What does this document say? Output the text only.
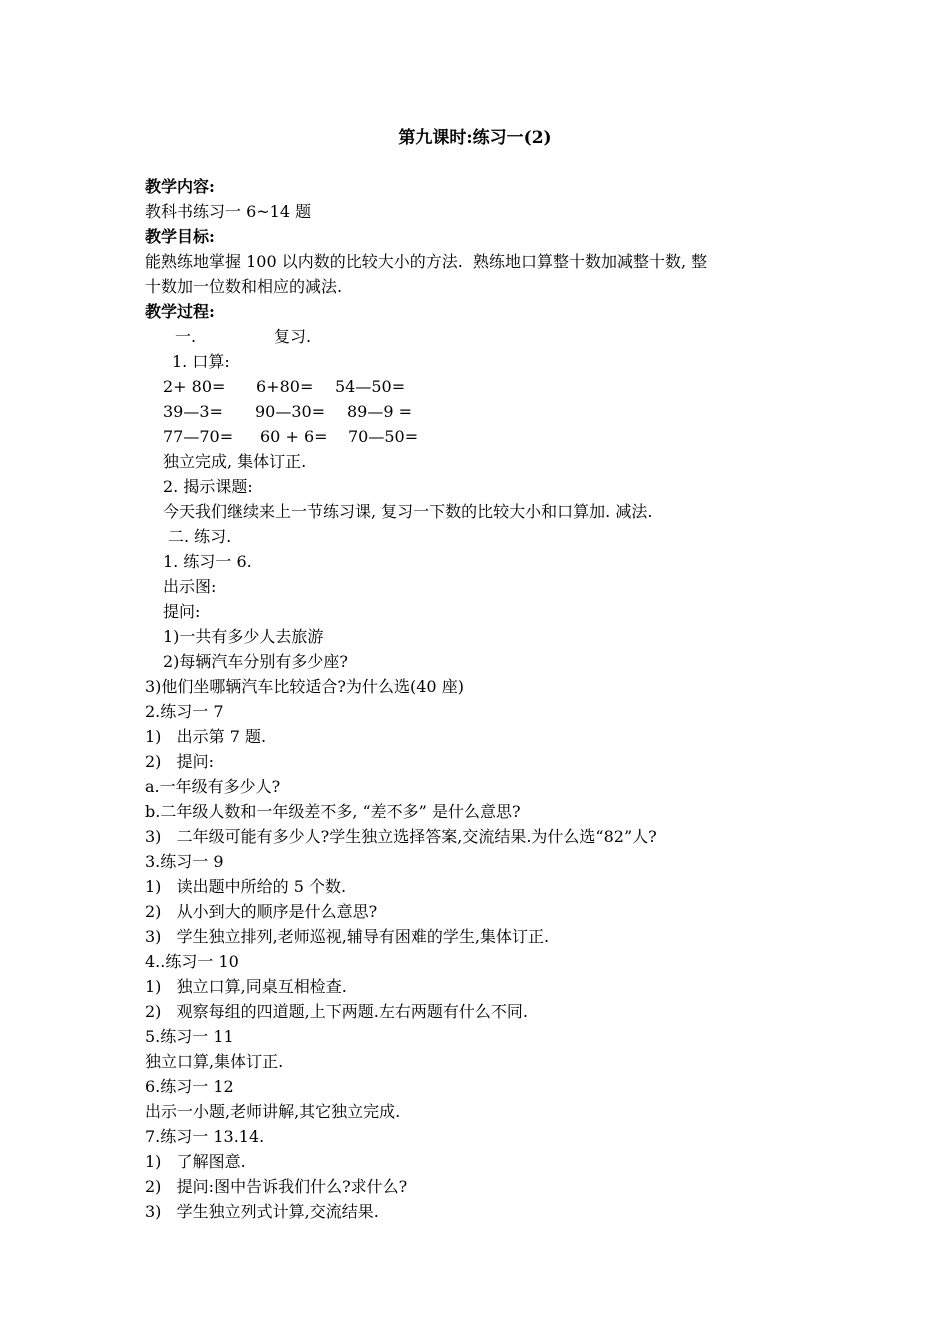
第九课时:练习一(2)
教学内容:
教科书练习一 6~14 题
教学目标:
能熟练地掌握 100 以内数的比较大小的方法.  熟练地口算整十数加减整十数, 整
十数加一位数和相应的减法.
教学过程:
一.	复习.
1. 口算:
2+ 80= 6+80= 54—50=
39—3= 90—30= 89—9 =
77—70= 60 + 6= 70—50=
独立完成, 集体订正.
2. 揭示课题:
今天我们继续来上一节练习课, 复习一下数的比较大小和口算加. 减法.
二. 练习.
1. 练习一 6.
出示图:
提问:
1)一共有多少人去旅游
2)每辆汽车分别有多少座?
3)他们坐哪辆汽车比较适合?为什么选(40 座)
2.练习一 7
1)   出示第 7 题.
2)   提问:
a.一年级有多少人?
b.二年级人数和一年级差不多, “差不多” 是什么意思?
3)   二年级可能有多少人?学生独立选择答案,交流结果.为什么选“82”人?
3.练习一 9
1)   读出题中所给的 5 个数.
2)   从小到大的顺序是什么意思?
3)   学生独立排列,老师巡视,辅导有困难的学生,集体订正.
4..练习一 10
1)   独立口算,同桌互相检查.
2)   观察每组的四道题,上下两题.左右两题有什么不同.
5.练习一 11
独立口算,集体订正.
6.练习一 12
出示一小题,老师讲解,其它独立完成.
7.练习一 13.14.
1)   了解图意.
2)   提问:图中告诉我们什么?求什么?
3)   学生独立列式计算,交流结果.
